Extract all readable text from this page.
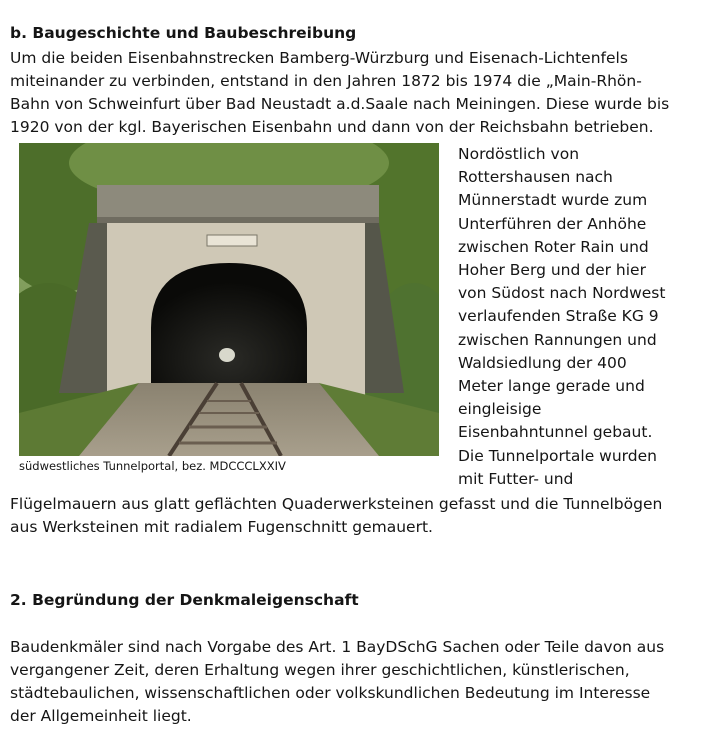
b. Baugeschichte und Baubeschreibung
Um die beiden Eisenbahnstrecken Bamberg-Würzburg und Eisenach-Lichtenfels
miteinander zu verbinden, entstand in den Jahren 1872 bis 1974 die „Main-Rhön-
Bahn von Schweinfurt über Bad Neustadt a.d.Saale nach Meiningen. Diese wurde bis
1920 von der kgl. Bayerischen Eisenbahn und dann von der Reichsbahn betrieben.
südwestliches Tunnelportal, bez. MDCCCLXXIV
Nordöstlich von
Rottershausen nach
Münnerstadt wurde zum
Unterführen der Anhöhe
zwischen Roter Rain und
Hoher Berg und der hier
von Südost nach Nordwest
verlaufenden Straße KG 9
zwischen Rannungen und
Waldsiedlung der 400
Meter lange gerade und
eingleisige
Eisenbahntunnel gebaut.
Die Tunnelportale wurden
mit Futter- und
Flügelmauern aus glatt geflächten Quaderwerksteinen gefasst und die Tunnelbögen
aus Werksteinen mit radialem Fugenschnitt gemauert.
2. Begründung der Denkmaleigenschaft
Baudenkmäler sind nach Vorgabe des Art. 1 BayDSchG Sachen oder Teile davon aus
vergangener Zeit, deren Erhaltung wegen ihrer geschichtlichen, künstlerischen,
städtebaulichen, wissenschaftlichen oder volkskundlichen Bedeutung im Interesse
der Allgemeinheit liegt.
